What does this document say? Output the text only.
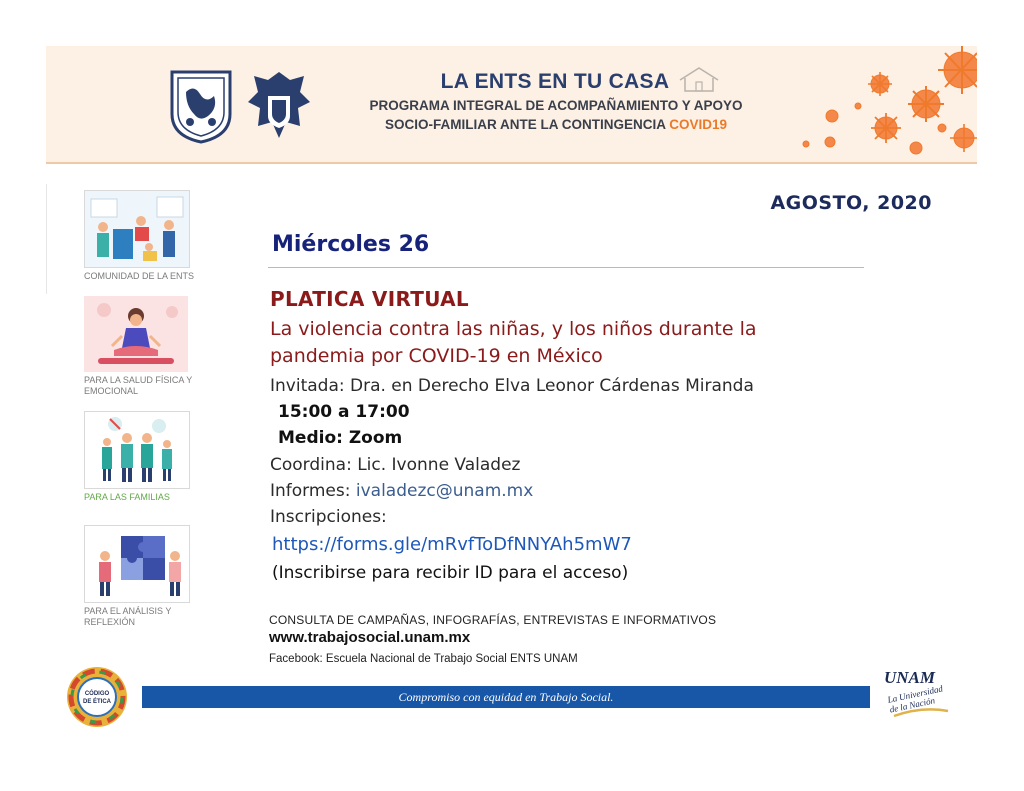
LA ENTS EN TU CASA
PROGRAMA INTEGRAL DE ACOMPAÑAMIENTO Y APOYO
SOCIO-FAMILIAR ANTE LA CONTINGENCIA COVID19
AGOSTO, 2020
COMUNIDAD DE LA ENTS
PARA LA SALUD FÍSICA Y EMOCIONAL
PARA LAS FAMILIAS
PARA EL ANÁLISIS Y REFLEXIÓN
Miércoles 26
PLATICA VIRTUAL
La violencia contra las niñas, y los niños durante la
pandemia por COVID-19 en México
Invitada: Dra. en Derecho Elva Leonor Cárdenas Miranda
15:00 a 17:00
Medio: Zoom
Coordina: Lic. Ivonne Valadez
Informes: ivaladezc@unam.mx
Inscripciones:
https://forms.gle/mRvfToDfNNYAh5mW7
(Inscribirse para recibir ID para el acceso)
CONSULTA DE CAMPAÑAS, INFOGRAFÍAS, ENTREVISTAS E INFORMATIVOS
www.trabajosocial.unam.mx
Facebook: Escuela Nacional de Trabajo Social ENTS UNAM
CÓDIGO
DE ÉTICA	Compromiso con equidad en Trabajo Social.
UNAM
La Universidad de la Nación
